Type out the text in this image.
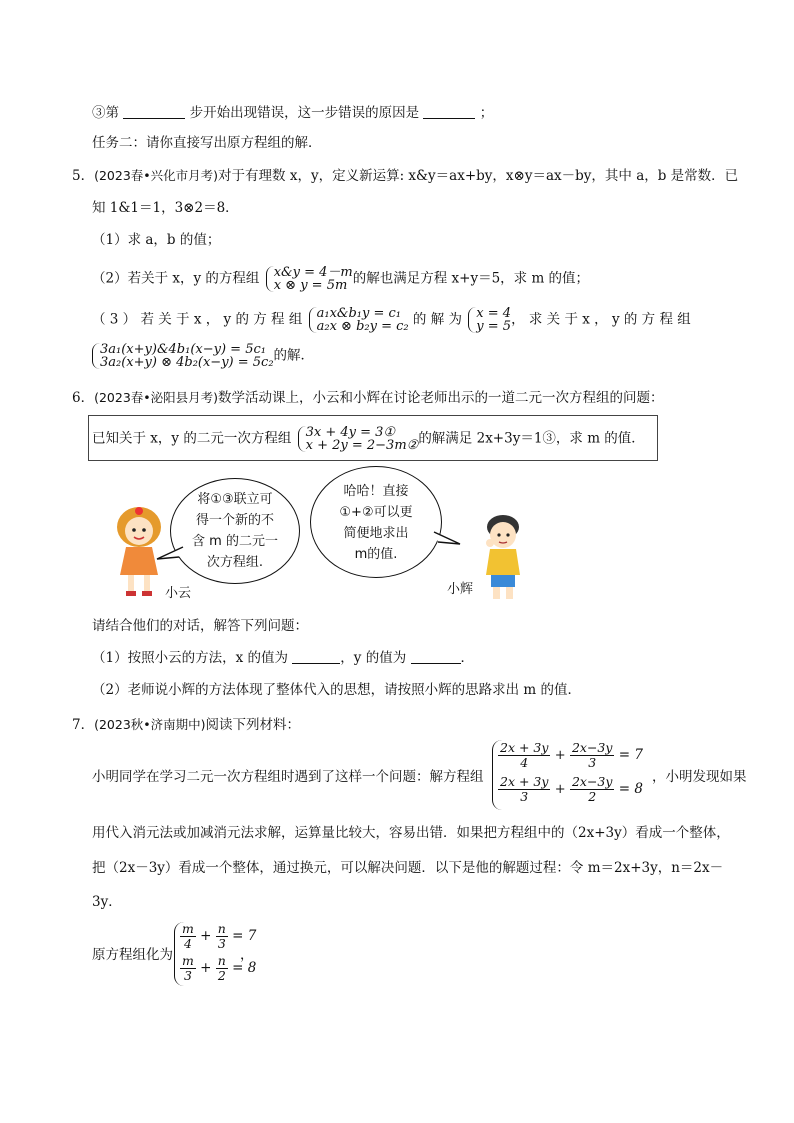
③第	步开始出现错误，这一步错误的原因是	；
任务二：请你直接写出原方程组的解．
5．(2023春•兴化市月考)对于有理数 x，y，定义新运算: x&y＝ax+by，x⊗y＝ax－by，其中 a，b 是常数．已
知 1&1＝1，3⊗2＝8．
（1）求 a，b 的值；
（2）若关于 x，y 的方程组 x&y = 4－m
x ⊗ y = 5m 的解也满足方程 x+y＝5，求 m 的值；
（ 3 ） 若 关 于 x ， y 的 方 程 组 a₁x&b₁y = c₁
a₂x ⊗ b₂y = c₂ 的 解 为 x = 4
y = 5 ， 求 关 于 x ， y 的 方 程 组
3a₁(x+y)&4b₁(x−y) = 5c₁
3a₂(x+y) ⊗ 4b₂(x−y) = 5c₂ 的解．
6．(2023春•泌阳县月考)数学活动课上，小云和小辉在讨论老师出示的一道二元一次方程组的问题：
已知关于 x，y 的二元一次方程组 3x + 4y = 3①
x + 2y = 2−3m② 的解满足 2x+3y＝1③，求 m 的值．
小云
将①③联立可
得一个新的不
含 m 的二元一
次方程组.
哈哈！直接
①+②可以更
简便地求出
m的值.
小辉
请结合他们的对话，解答下列问题：
（1）按照小云的方法，x 的值为	，y 的值为	．
（2）老师说小辉的方法体现了整体代入的思想，请按照小辉的思路求出 m 的值．
7．(2023秋•济南期中)阅读下列材料：
小明同学在学习二元一次方程组时遇到了这样一个问题：解方程组
$\frac{2x + 3y}{4} + \frac{2x-3y}{3} = 7$
$\frac{2x + 3y}{3} + \frac{2x-3y}{2} = 8$
，小明发现如果
用代入消元法或加减消元法求解，运算量比较大，容易出错．如果把方程组中的（2x+3y）看成一个整体，
把（2x－3y）看成一个整体，通过换元，可以解决问题．以下是他的解题过程：令 m＝2x+3y，n＝2x－
3y．
原方程组化为
$\frac{m}{4} + \frac{n}{3} = 7$
$\frac{m}{3} + \frac{n}{2} = 8$
，
